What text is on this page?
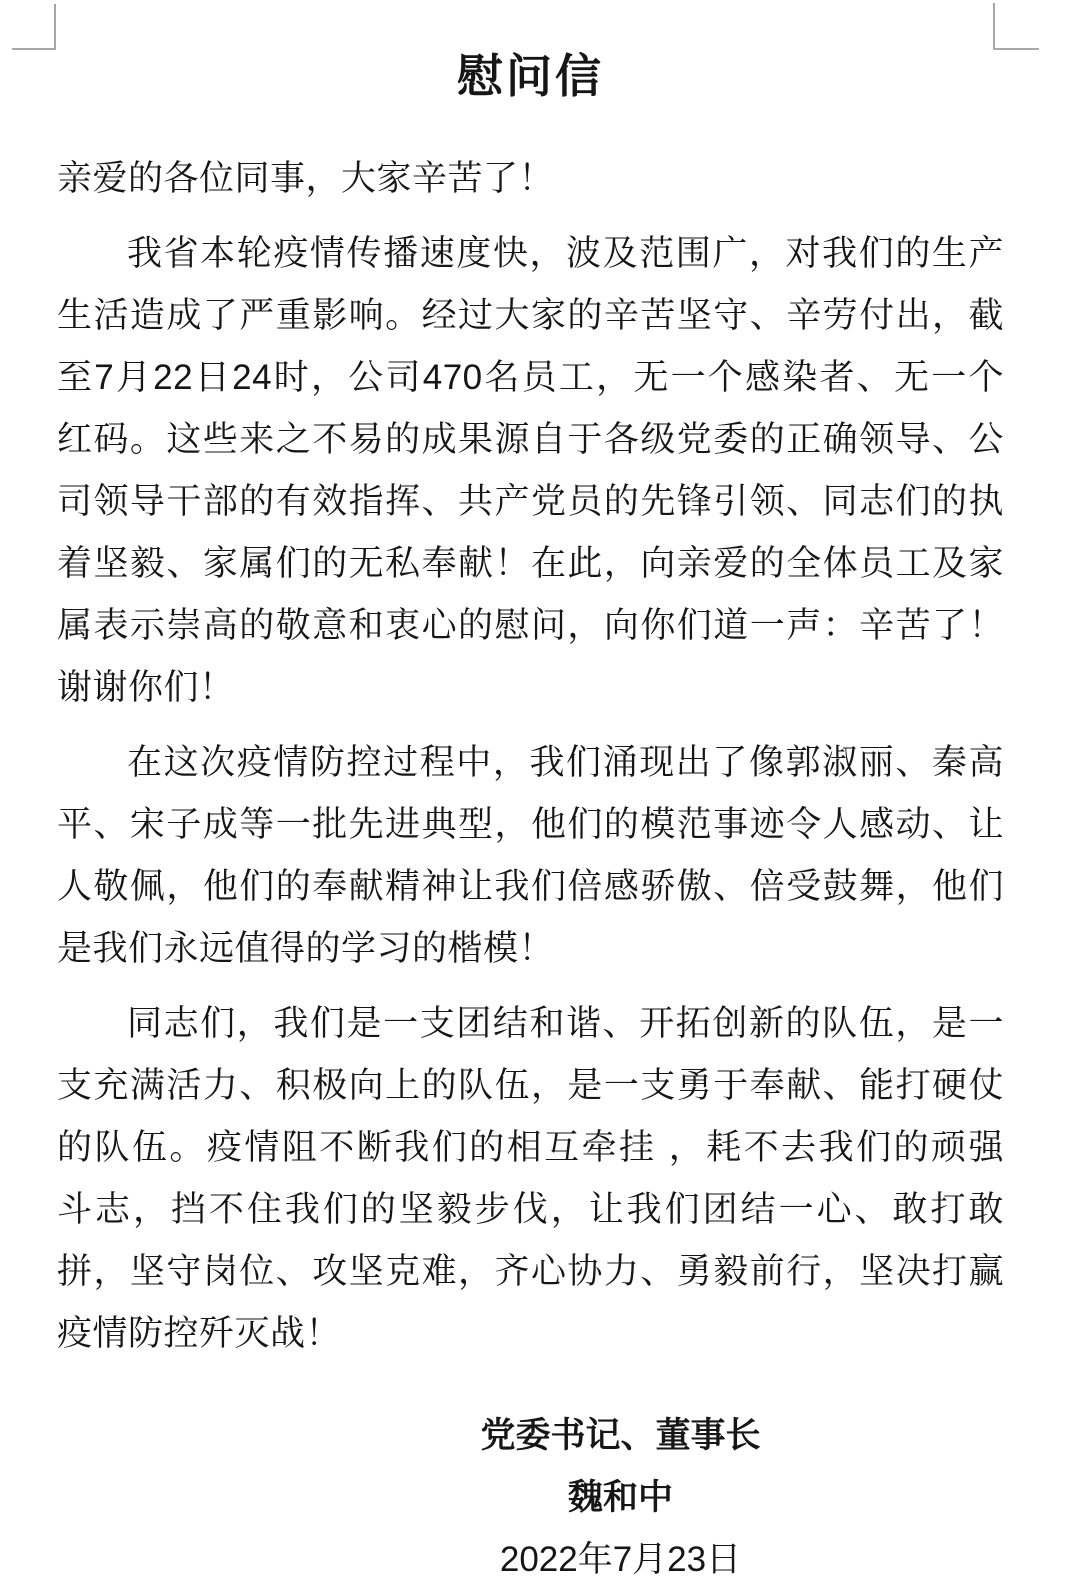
慰问信
亲爱的各位同事，大家辛苦了！
我省本轮疫情传播速度快，波及范围广，对我们的生产
生活造成了严重影响。经过大家的辛苦坚守、辛劳付出，截
至7月22日24时，公司470名员工，无一个感染者、无一个
红码。这些来之不易的成果源自于各级党委的正确领导、公
司领导干部的有效指挥、共产党员的先锋引领、同志们的执
着坚毅、家属们的无私奉献！在此，向亲爱的全体员工及家
属表示崇高的敬意和衷心的慰问，向你们道一声：辛苦了！
谢谢你们！
在这次疫情防控过程中，我们涌现出了像郭淑丽、秦高
平、宋子成等一批先进典型，他们的模范事迹令人感动、让
人敬佩，他们的奉献精神让我们倍感骄傲、倍受鼓舞，他们
是我们永远值得的学习的楷模！
同志们，我们是一支团结和谐、开拓创新的队伍，是一
支充满活力、积极向上的队伍，是一支勇于奉献、能打硬仗
的队伍。疫情阻不断我们的相互牵挂 ，耗不去我们的顽强
斗志，挡不住我们的坚毅步伐，让我们团结一心、敢打敢
拼，坚守岗位、攻坚克难，齐心协力、勇毅前行，坚决打赢
疫情防控歼灭战！
党委书记、董事长
魏和中
2022年7月23日
